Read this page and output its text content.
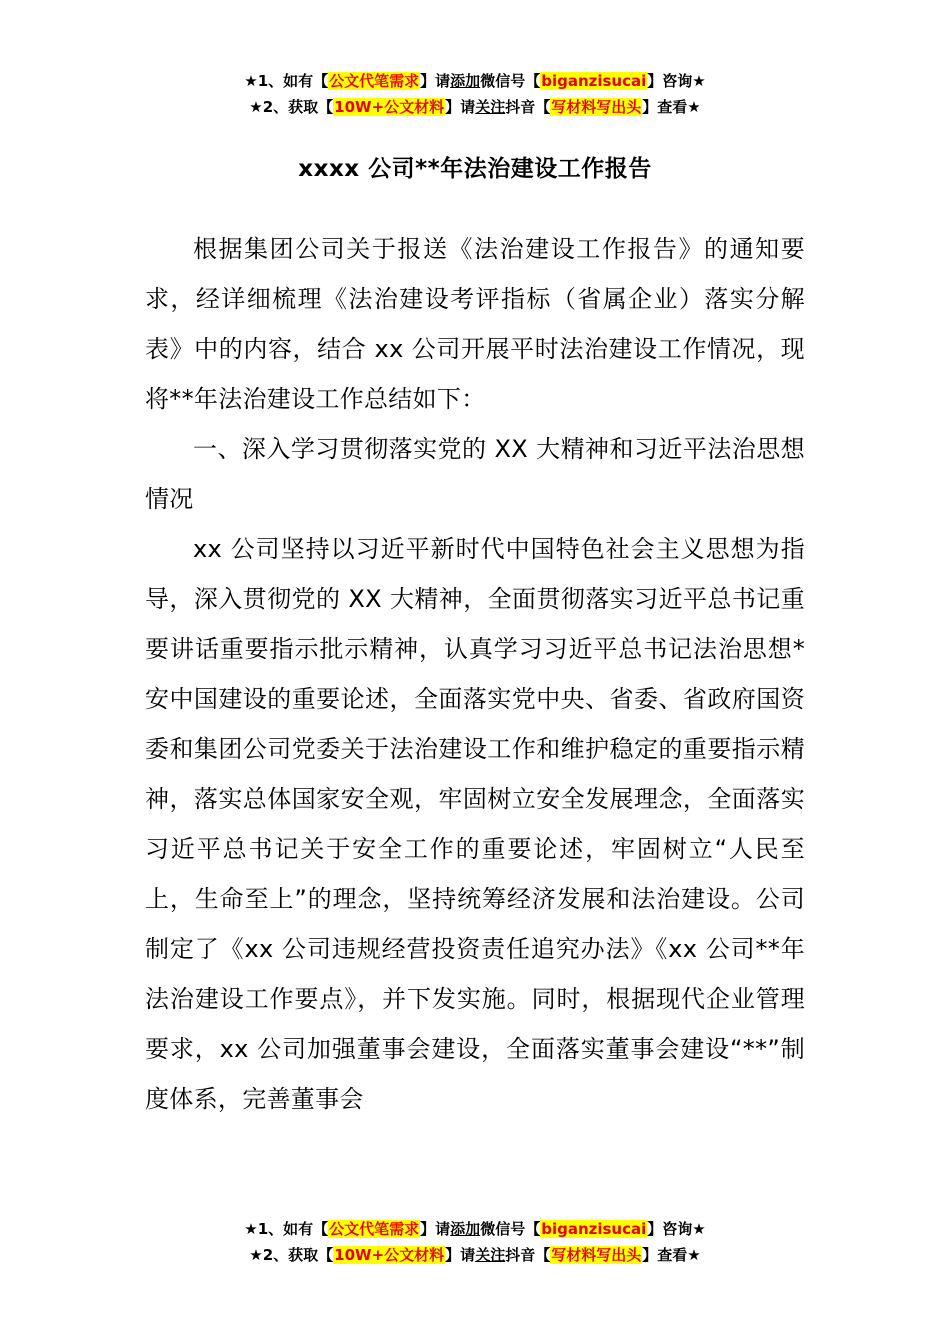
★1、如有【公文代笔需求】请添加微信号【biganzisucai】咨询★
★2、获取【10W+公文材料】请关注抖音【写材料写出头】查看★
xxxx 公司**年法治建设工作报告

根据集团公司关于报送《法治建设工作报告》的通知要求，经详细梳理《法治建设考评指标（省属企业）落实分解表》中的内容，结合 xx 公司开展平时法治建设工作情况，现将**年法治建设工作总结如下：

一、深入学习贯彻落实党的 XX 大精神和习近平法治思想情况

xx 公司坚持以习近平新时代中国特色社会主义思想为指导，深入贯彻党的 XX 大精神，全面贯彻落实习近平总书记重要讲话重要指示批示精神，认真学习习近平总书记法治思想*安中国建设的重要论述，全面落实党中央、省委、省政府国资委和集团公司党委关于法治建设工作和维护稳定的重要指示精神，落实总体国家安全观，牢固树立安全发展理念，全面落实习近平总书记关于安全工作的重要论述，牢固树立“人民至上，生命至上”的理念，坚持统筹经济发展和法治建设。公司制定了《xx 公司违规经营投资责任追究办法》《xx 公司**年法治建设工作要点》，并下发实施。同时，根据现代企业管理要求，xx 公司加强董事会建设，全面落实董事会建设“**”制度体系，完善董事会

★1、如有【公文代笔需求】请添加微信号【biganzisucai】咨询★
★2、获取【10W+公文材料】请关注抖音【写材料写出头】查看★
